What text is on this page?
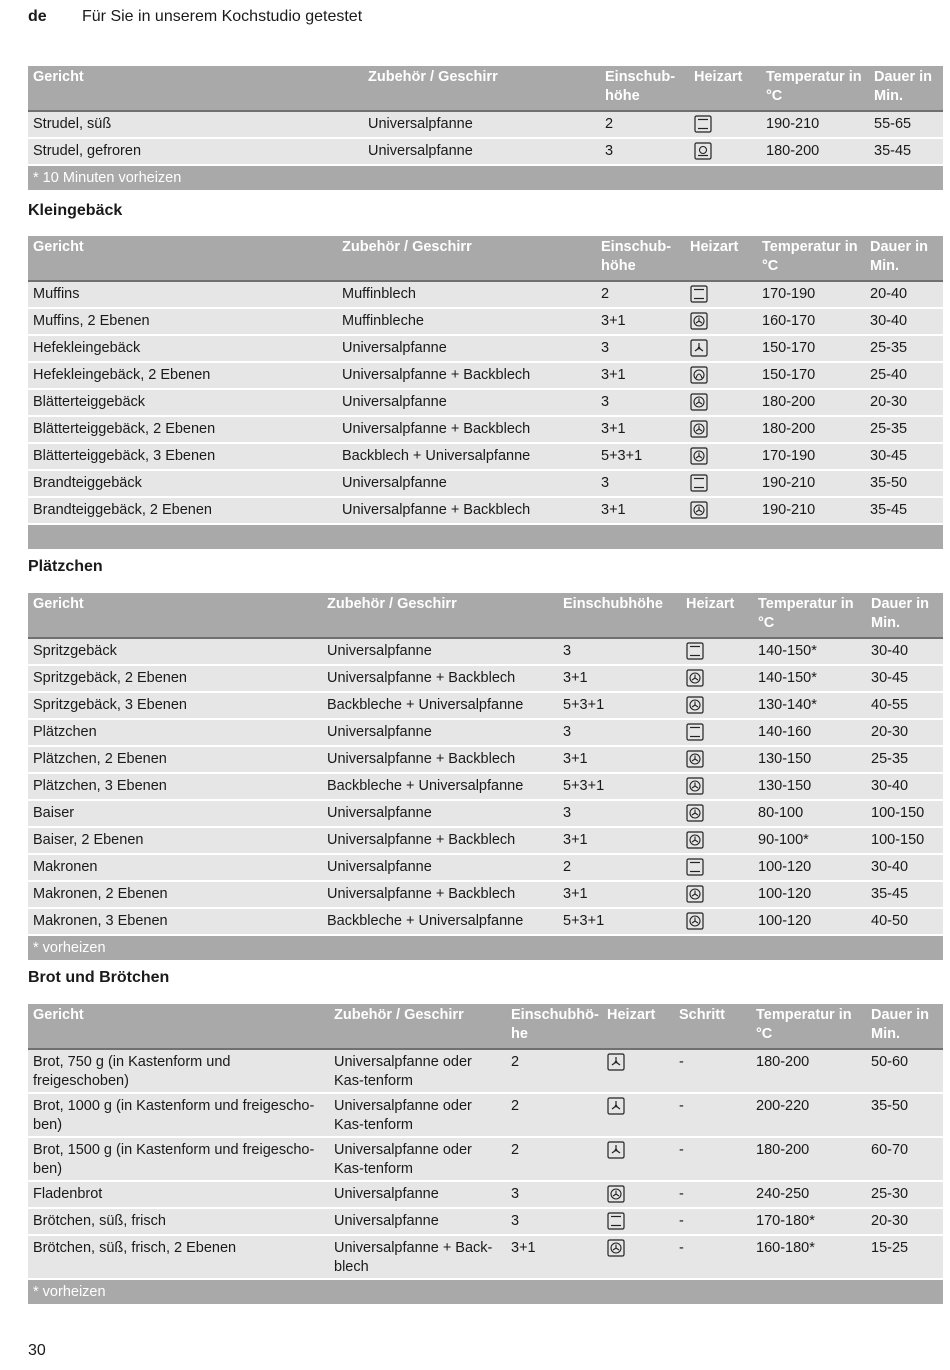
de Für Sie in unserem Kochstudio getestet
Gericht	Zubehör / Geschirr	Einschub-höhe	Heizart	Temperatur in °C	Dauer in Min.
Strudel, süß	Universalpfanne	2		190-210	55-65
Strudel, gefroren	Universalpfanne	3		180-200	35-45
* 10 Minuten vorheizen					
Kleingebäck
Gericht	Zubehör / Geschirr	Einschub-höhe	Heizart	Temperatur in °C	Dauer in Min.
Muffins	Muffinblech	2		170-190	20-40
Muffins, 2 Ebenen	Muffinbleche	3+1		160-170	30-40
Hefekleingebäck	Universalpfanne	3		150-170	25-35
Hefekleingebäck, 2 Ebenen	Universalpfanne + Backblech	3+1		150-170	25-40
Blätterteiggebäck	Universalpfanne	3		180-200	20-30
Blätterteiggebäck, 2 Ebenen	Universalpfanne + Backblech	3+1		180-200	25-35
Blätterteiggebäck, 3 Ebenen	Backblech + Universalpfanne	5+3+1		170-190	30-45
Brandteiggebäck	Universalpfanne	3		190-210	35-50
Brandteiggebäck, 2 Ebenen	Universalpfanne + Backblech	3+1		190-210	35-45

Plätzchen
Gericht	Zubehör / Geschirr	Einschubhöhe	Heizart	Temperatur in °C	Dauer in Min.
Spritzgebäck	Universalpfanne	3		140-150*	30-40
Spritzgebäck, 2 Ebenen	Universalpfanne + Backblech	3+1		140-150*	30-45
Spritzgebäck, 3 Ebenen	Backbleche + Universalpfanne	5+3+1		130-140*	40-55
Plätzchen	Universalpfanne	3		140-160	20-30
Plätzchen, 2 Ebenen	Universalpfanne + Backblech	3+1		130-150	25-35
Plätzchen, 3 Ebenen	Backbleche + Universalpfanne	5+3+1		130-150	30-40
Baiser	Universalpfanne	3		80-100	100-150
Baiser, 2 Ebenen	Universalpfanne + Backblech	3+1		90-100*	100-150
Makronen	Universalpfanne	2		100-120	30-40
Makronen, 2 Ebenen	Universalpfanne + Backblech	3+1		100-120	35-45
Makronen, 3 Ebenen	Backbleche + Universalpfanne	5+3+1		100-120	40-50
* vorheizen					
Brot und Brötchen
Gericht	Zubehör / Geschirr	Einschubhö-he	Heizart	Schritt	Temperatur in °C	Dauer in Min.
Brot, 750 g (in Kastenform und freigeschoben)	Universalpfanne oder Kas-tenform	2		-	180-200	50-60
Brot, 1000 g (in Kastenform und freigescho-ben)	Universalpfanne oder Kas-tenform	2		-	200-220	35-50
Brot, 1500 g (in Kastenform und freigescho-ben)	Universalpfanne oder Kas-tenform	2		-	180-200	60-70
Fladenbrot	Universalpfanne	3		-	240-250	25-30
Brötchen, süß, frisch	Universalpfanne	3		-	170-180*	20-30
Brötchen, süß, frisch, 2 Ebenen	Universalpfanne + Back-blech	3+1		-	160-180*	15-25
* vorheizen						
30
